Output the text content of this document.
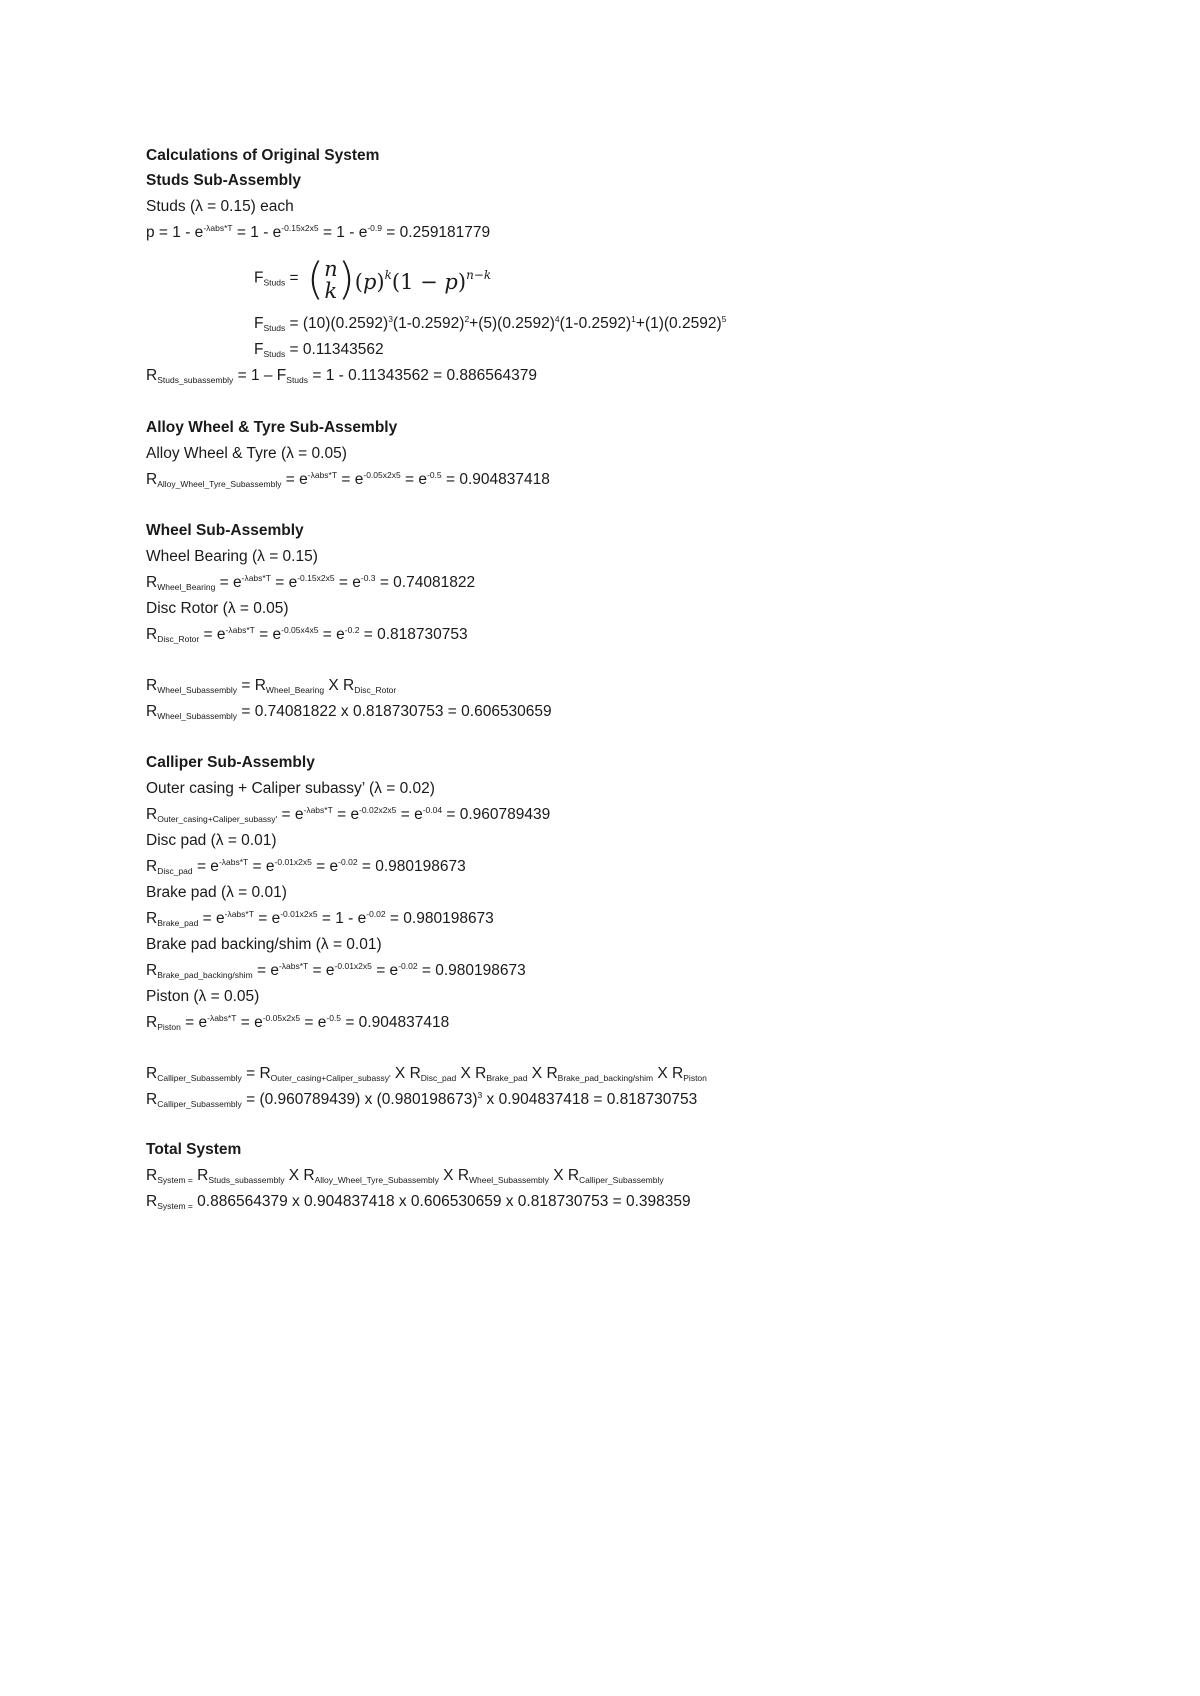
Calculations of Original System
Studs Sub-Assembly
Studs (λ = 0.15) each
$p = 1 - e^{-\lambda abs*T} = 1 - e^{-0.15x2x5} = 1 - e^{-0.9} = 0.259181779$
$F_{Studs} = (n$
$k)(p)^k(1 - p)^{n-k}$
$F_{Studs} = (10)(0.2592)^3(1-0.2592)^2+(5)(0.2592)^4(1-0.2592)^1+(1)(0.2592)^5$
$F_{Studs} = 0.11343562$
$R_{Studs\_subassembly} = 1 - F_{Studs} = 1 - 0.11343562 = 0.886564379$
Alloy Wheel & Tyre Sub-Assembly
Alloy Wheel & Tyre (λ = 0.05)
$R_{Alloy\_Wheel\_Tyre\_Subassembly} = e^{-\lambda abs*T} = e^{-0.05x2x5} = e^{-0.5} = 0.904837418$
Wheel Sub-Assembly
Wheel Bearing (λ = 0.15)
$R_{Wheel\_Bearing} = e^{-\lambda abs*T} = e^{-0.15x2x5} = e^{-0.3} = 0.74081822$
Disc Rotor (λ = 0.05)
$R_{Disc\_Rotor} = e^{-\lambda abs*T} = e^{-0.05x4x5} = e^{-0.2} = 0.818730753$
$R_{Wheel\_Subassembly} = R_{Wheel\_Bearing}$ X $R_{Disc\_Rotor}$
$R_{Wheel\_Subassembly} = 0.74081822$ x 0.818730753 = 0.606530659
Calliper Sub-Assembly
Outer casing + Caliper subassy’ (λ = 0.02)
$R_{Outer\_casing+Caliper\_subassy'} = e^{-\lambda abs*T} = e^{-0.02x2x5} = e^{-0.04} = 0.960789439$
Disc pad (λ = 0.01)
$R_{Disc\_pad} = e^{-\lambda abs*T} = e^{-0.01x2x5} = e^{-0.02} = 0.980198673$
Brake pad (λ = 0.01)
$R_{Brake\_pad} = e^{-\lambda abs*T} = e^{-0.01x2x5} = 1 - e^{-0.02} = 0.980198673$
Brake pad backing/shim (λ = 0.01)
$R_{Brake\_pad\_backing/shim} = e^{-\lambda abs*T} = e^{-0.01x2x5} = e^{-0.02} = 0.980198673$
Piston (λ = 0.05)
$R_{Piston} = e^{-\lambda abs*T} = e^{-0.05x2x5} = e^{-0.5} = 0.904837418$
$R_{Calliper\_Subassembly} = R_{Outer\_casing+Caliper\_subassy'}$ X $R_{Disc\_pad}$ X $R_{Brake\_pad}$ X $R_{Brake\_pad\_backing/shim}$ X $R_{Piston}$
$R_{Calliper\_Subassembly} = (0.960789439)$ x $(0.980198673)^3$ x 0.904837418 = 0.818730753
Total System
$R_{System =}$ $R_{Studs\_subassembly}$ X $R_{Alloy\_Wheel\_Tyre\_Subassembly}$ X $R_{Wheel\_Subassembly}$ X $R_{Calliper\_Subassembly}$
$R_{System =}$ 0.886564379 x 0.904837418 x 0.606530659 x 0.818730753 = 0.398359
